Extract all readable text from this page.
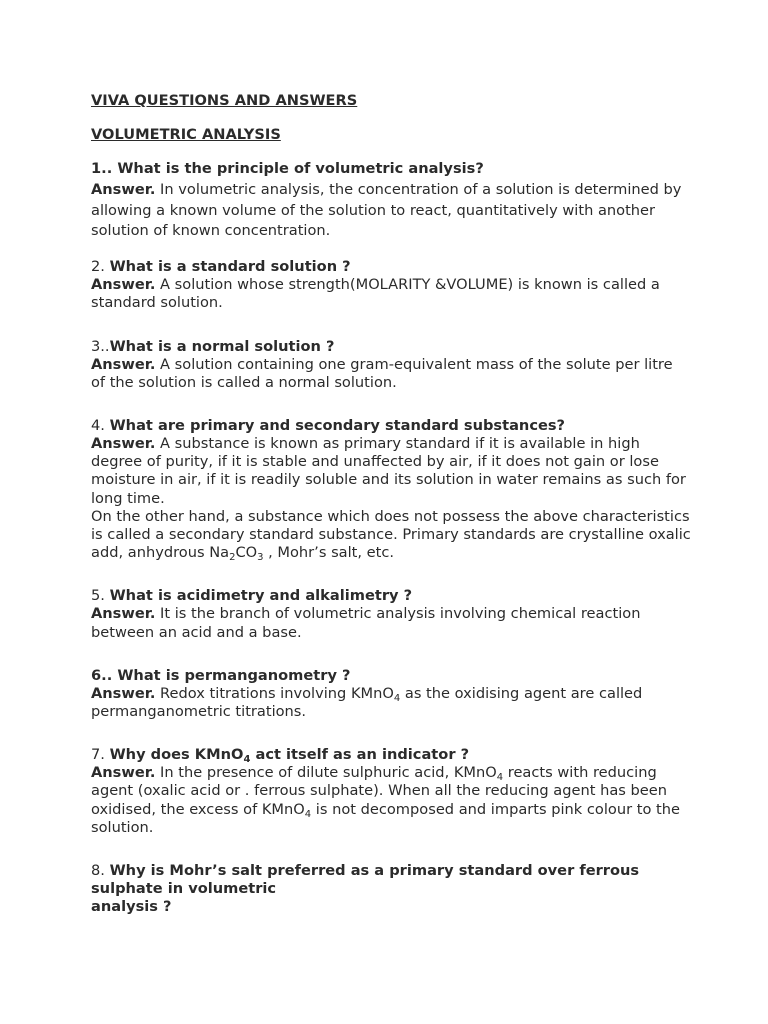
VIVA QUESTIONS AND ANSWERS

VOLUMETRIC ANALYSIS

1.. What is the principle of volumetric analysis?

Answer. In volumetric analysis, the concentration of a solution is determined by allowing a known volume of the solution to react, quantitatively with another solution of known concentration.

2. What is a standard solution ?

Answer. A solution whose strength(MOLARITY &VOLUME) is known is called a standard solution.

3..What is a normal solution ?

Answer. A solution containing one gram-equivalent mass of the solute per litre of the solution is called a normal solution.

4. What are primary and secondary standard substances?

Answer. A substance is known as primary standard if it is available in high degree of purity, if it is stable and unaffected by air, if it does not gain or lose moisture in air, if it is readily soluble and its solution in water remains as such for long time.

On the other hand, a substance which does not possess the above characteristics is called a secondary standard substance. Primary standards are crystalline oxalic add, anhydrous $Na_2CO_3$ , Mohr’s salt, etc.

5. What is acidimetry and alkalimetry ?

Answer. It is the branch of volumetric analysis involving chemical reaction between an acid and a base.

6.. What is permanganometry ?

Answer. Redox titrations involving KMnO$_4$ as the oxidising agent are called permanganometric titrations.

7. Why does KMnO$_4$ act itself as an indicator ?

Answer. In the presence of dilute sulphuric acid, KMnO$_4$ reacts with reducing agent (oxalic acid or . ferrous sulphate). When all the reducing agent has been oxidised, the excess of KMnO$_4$ is not decomposed and imparts pink colour to the solution.

8. Why is Mohr’s salt preferred as a primary standard over ferrous sulphate in volumetric
analysis ?
